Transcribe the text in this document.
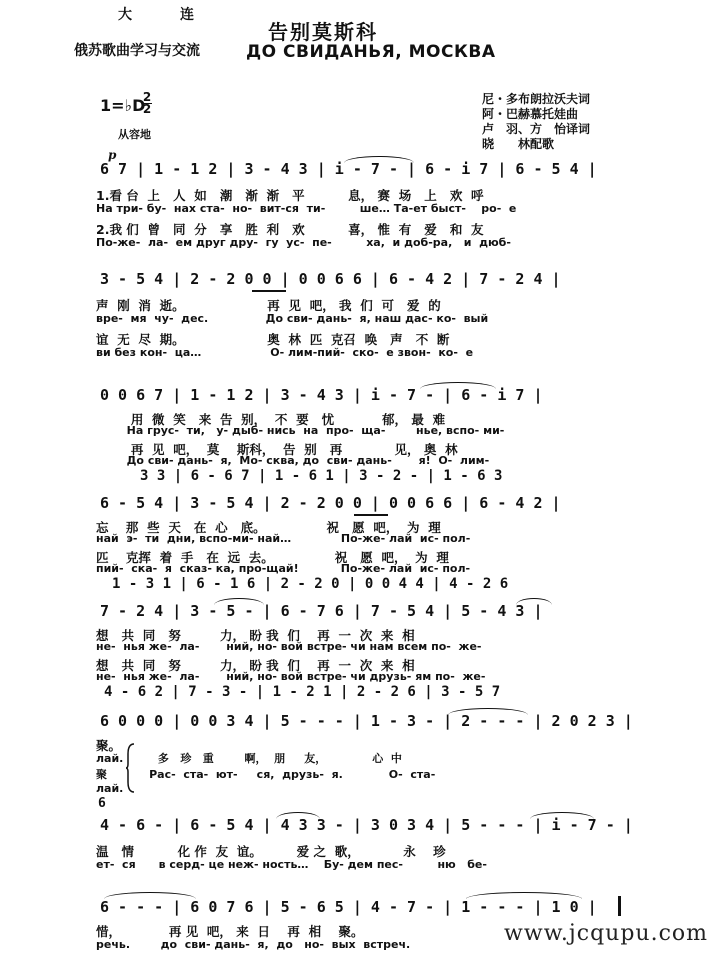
大	连
俄苏歌曲学习与交流
告别莫斯科
ДО СВИДАНЬЯ, МОСКВА
尼・多布朗拉沃夫词
阿・巴赫慕托娃曲
卢　羽、方　怡译词
晓　　林配歌
1=♭D
2
2
从容地
p
6 7 | 1 - 1 2 | 3 - 4 3 | i - 7 - | 6 - i 7 | 6 - 5 4 |
1.看 台  上   人  如   潮   渐  渐   平          息， 赛  场   上   欢  呼
На три- бу-  нах ста-  но-  вит-ся  ти-         ше… Та-ет быст-    ро-  е
2.我 们  曾   同  分   享   胜  利   欢          喜， 惟  有   爱   和  友
По-же-  ла-  ем друг дру-  гу  ус-  пе-         ха,  и доб-ра,   и  дюб-
3 - 5 4 | 2 - 2 0 0 | 0 0 6 6 | 6 - 4 2 | 7 - 2 4 |
声  刚  消  逝。                   再  见  吧， 我  们  可   爱  的
вре-  мя  чу-  дес.               До сви- дань-  я, наш дас- ко-  вый
谊  无  尽  期。                   奥  林  匹  克召  唤   声   不  断
ви без кон-  ца…                  О- лим-пий-  ско-  е звон-  ко-  е
0 0 6 7 | 1 - 1 2 | 3 - 4 3 | i - 7 - | 6 - i 7 |
用  微  笑   来  告  别，  不  要   忧           郁， 最  难
На грус-  ти,   у- дыб- нись  на  про-  ща-        нье, вспо- ми-
再  见  吧，  莫    斯科，  告  别   再            见， 奥  林
До сви- дань-  я,  Мо- сква, до  сви- дань-       я!  О-  лим-
3 3 | 6 - 6 7 | 1 - 6 1 | 3 - 2 - | 1 - 6 3
6 - 5 4 | 3 - 5 4 | 2 - 2 0 0 | 0 0 6 6 | 6 - 4 2 |
忘    那  些  天   在  心   底。              祝   愿  吧，  为  理
най  э-  ти  дни, вспо-ми- най…             По-же- лай  ис- пол-
匹    克挥  着  手   在  远  去。              祝   愿  吧，  为  理
пий-  ска-  я  сказ- ка, про-щай!           По-же- лай  ис- пол-
1 - 3 1 | 6 - 1 6 | 2 - 2 0 | 0 0 4 4 | 4 - 2 6
7 - 2 4 | 3 - 5 - | 6 - 7 6 | 7 - 5 4 | 5 - 4 3 |
想   共  同   努         力， 盼 我  们    再  一  次  来  相
не-  нья же-  ла-       ний, но- вой встре- чи нам всем по-  же-
想   共  同   努         力， 盼 我  们    再  一  次  来  相
не-  нья же-  ла-       ний, но- вой встре- чи друзь- ям по-  же-
4 - 6 2 | 7 - 3 - | 1 - 2 1 | 2 - 2 6 | 3 - 5 7
6 0 0 0 | 0 0 3 4 | 5 - - - | 1 - 3 - | 2 - - - | 2 0 2 3 |
聚。
лай.         多   珍   重        啊，  朋     友，            心  中
聚           Рас-  ста-  ют-     ся,  друзь-  я.            О-  ста-
лай.
6
4 - 6 - | 6 - 5 4 | 4 3 3 - | 3 0 3 4 | 5 - - - | i - 7 - |
温   情          化 作  友  谊。        爱 之  歌，          永    珍
ет-  ся      в серд- це неж- ность…    Бу- дем пес-         ню   бе-
6 - - - | 6 0 7 6 | 5 - 6 5 | 4 - 7 - | 1 - - - | 1 0 |
惜，           再 见  吧， 来  日    再  相    聚。
речь.        до  сви- дань-  я,  до   но-  вых  встреч.	www.jcqupu.com
